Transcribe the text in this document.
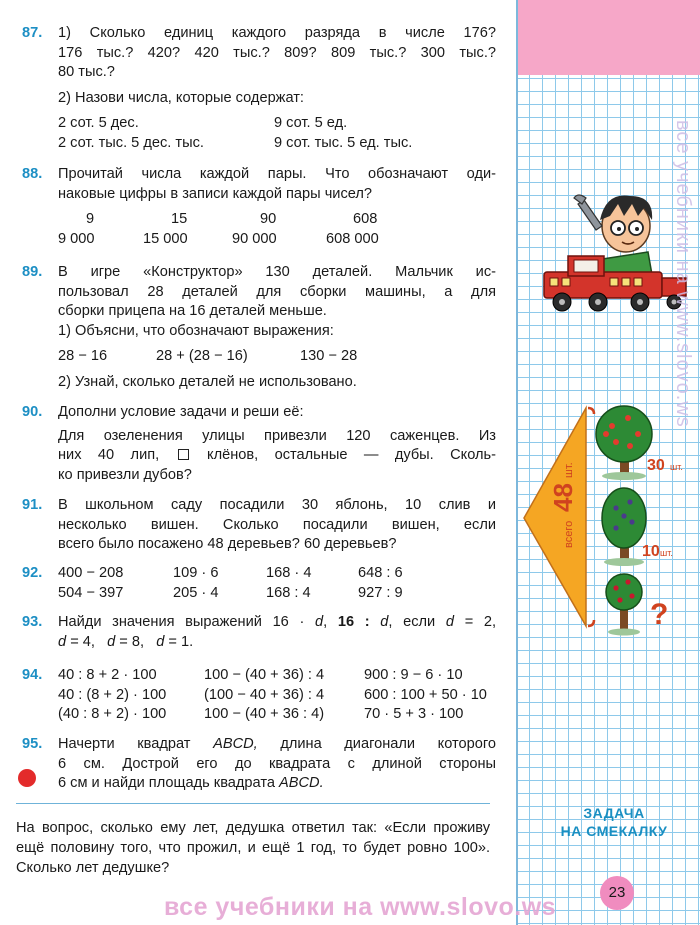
87.	1) Сколько единиц каждого разряда в числе 176?

176 тыс.? 420? 420 тыс.? 809? 809 тыс.? 300 тыс.?

80 тыс.?

2) Назови числа, которые содержат:

2 сот. 5 дес.	9 сот. 5 ед.
2 сот. тыс. 5 дес. тыс.	9 сот. тыс. 5 ед. тыс.
88.	Прочитай числа каждой пары. Что обозначают оди-

наковые цифры в записи каждой пары чисел?

9	15	90	608
9 000	15 000	90 000	608 000
89.	В игре «Конструктор» 130 деталей. Мальчик ис-

пользовал 28 деталей для сборки машины, а для

сборки прицепа на 16 деталей меньше.

1) Объясни, что обозначают выражения:

28 − 16	28 + (28 − 16)	130 − 28

2) Узнай, сколько деталей не использовано.

90.	Дополни условие задачи и реши её:

Для озеленения улицы привезли 120 саженцев. Из

них 40 лип,	клёнов, остальные — дубы. Сколь-

ко привезли дубов?

91.	В школьном саду посадили 30 яблонь, 10 слив и

несколько вишен. Сколько посадили вишен, если

всего было посажено 48 деревьев? 60 деревьев?

92.	400 − 208	109 · 6	168 · 4	648 : 6
504 − 397	205 · 4	168 : 4	927 : 9
93.	Найди значения выражений 16 · d, 16 : d, если d = 2,

d = 4, d = 8, d = 1.

94.	40 : 8 + 2 · 100	100 − (40 + 36) : 4	900 : 9 − 6 · 10
40 : (8 + 2) · 100	(100 − 40 + 36) : 4	600 : 100 + 50 · 10
(40 : 8 + 2) · 100	100 − (40 + 36 : 4)	70 · 5 + 3 · 100
95.	Начерти квадрат ABCD, длина диагонали которого

6 см. Дострой его до квадрата с длиной стороны

6 см и найди площадь квадрата ABCD.

На вопрос, сколько ему лет, дедушка ответил так: «Если проживу ещё половину того, что прожил, и ещё 1 год, то будет ровно 100». Сколько лет дедушке?

всего
48
шт.	30 шт.
10 шт.
?
ЗАДАЧА
НА СМЕКАЛКУ
23
все учебники на www.slovo.ws
все учебники на www.slovo.ws
